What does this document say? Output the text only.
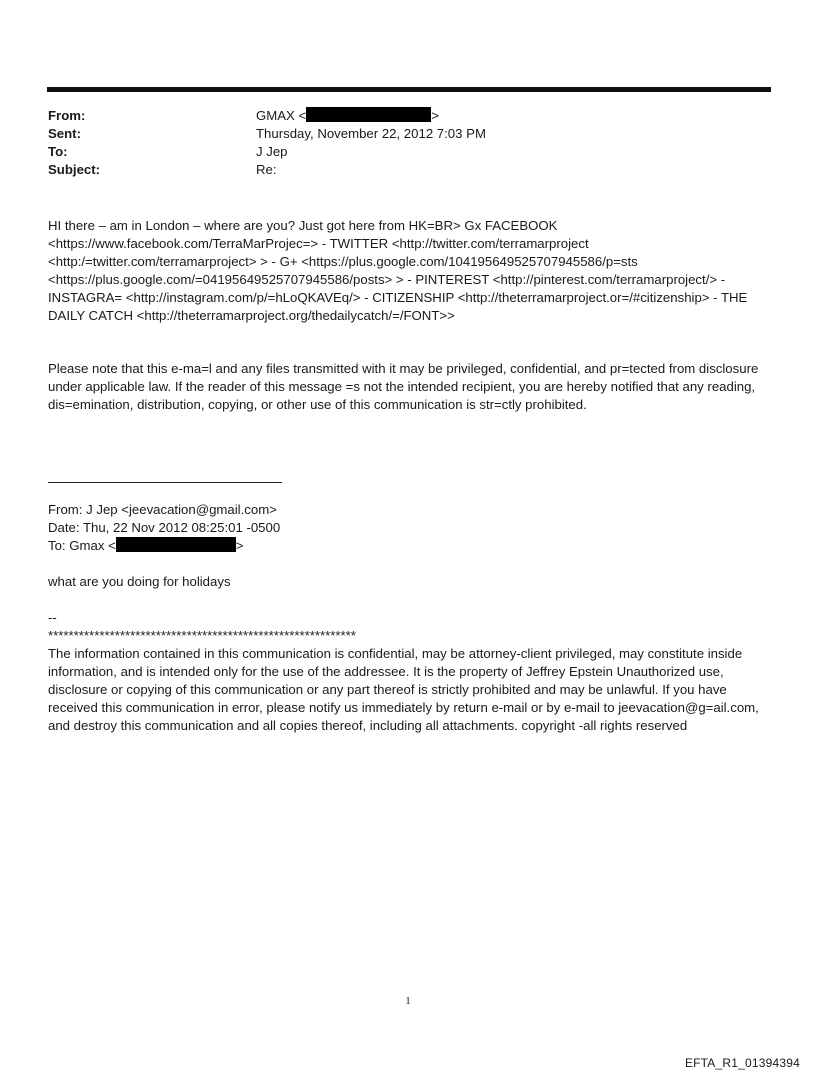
From:	GMAX <	>
Sent:	Thursday, November 22, 2012 7:03 PM
To:	J Jep
Subject:	Re:

HI there – am in London – where are you? Just got here from HK=BR> Gx FACEBOOK <https://www.facebook.com/TerraMarProjec=> - TWITTER <http://twitter.com/terramarproject <http:/=twitter.com/terramarproject> > - G+ <https://plus.google.com/10419564952570794558​6/p=sts <https://plus.google.com/=04195649525707945586/posts> > - PINTEREST <http://pinterest.com/terramarproject/> - INSTAGRA= <http://instagram.com/p/=hLoQKAVEq/> - CITIZENSHIP <http://theterramarproject.or=/#citizenship> - THE DAILY CATCH <http://theterramarproject.org/thedailycatch/=/FONT>>

Please note that this e-ma=l and any files transmitted with it may be privileged, confidential, and pr=tected from disclosure under applicable law. If the reader of this message =s not the intended recipient, you are hereby notified that any reading, dis=emination, distribution, copying, or other use of this communication is str=ctly prohibited.

From: J Jep <jeevacation@gmail.com>
Date: Thu, 22 Nov 2012 08:25:01 -0500
To: Gmax <	>
what are you doing for holidays
--
************************************************************

The information contained in this communication is confidential, may be attorney-client privileged, may constitute inside information, and is intended only for the use of the addressee. It is the property of Jeffrey Epstein Unauthorized use, disclosure or copying of this communication or any part thereof is strictly prohibited and may be unlawful. If you have received this communication in error, please notify us immediately by return e-mail or by e-mail to jeevacation@g=ail.com, and destroy this communication and all copies thereof, including all attachments. copyright -all rights reserved

1
EFTA_R1_01394394
